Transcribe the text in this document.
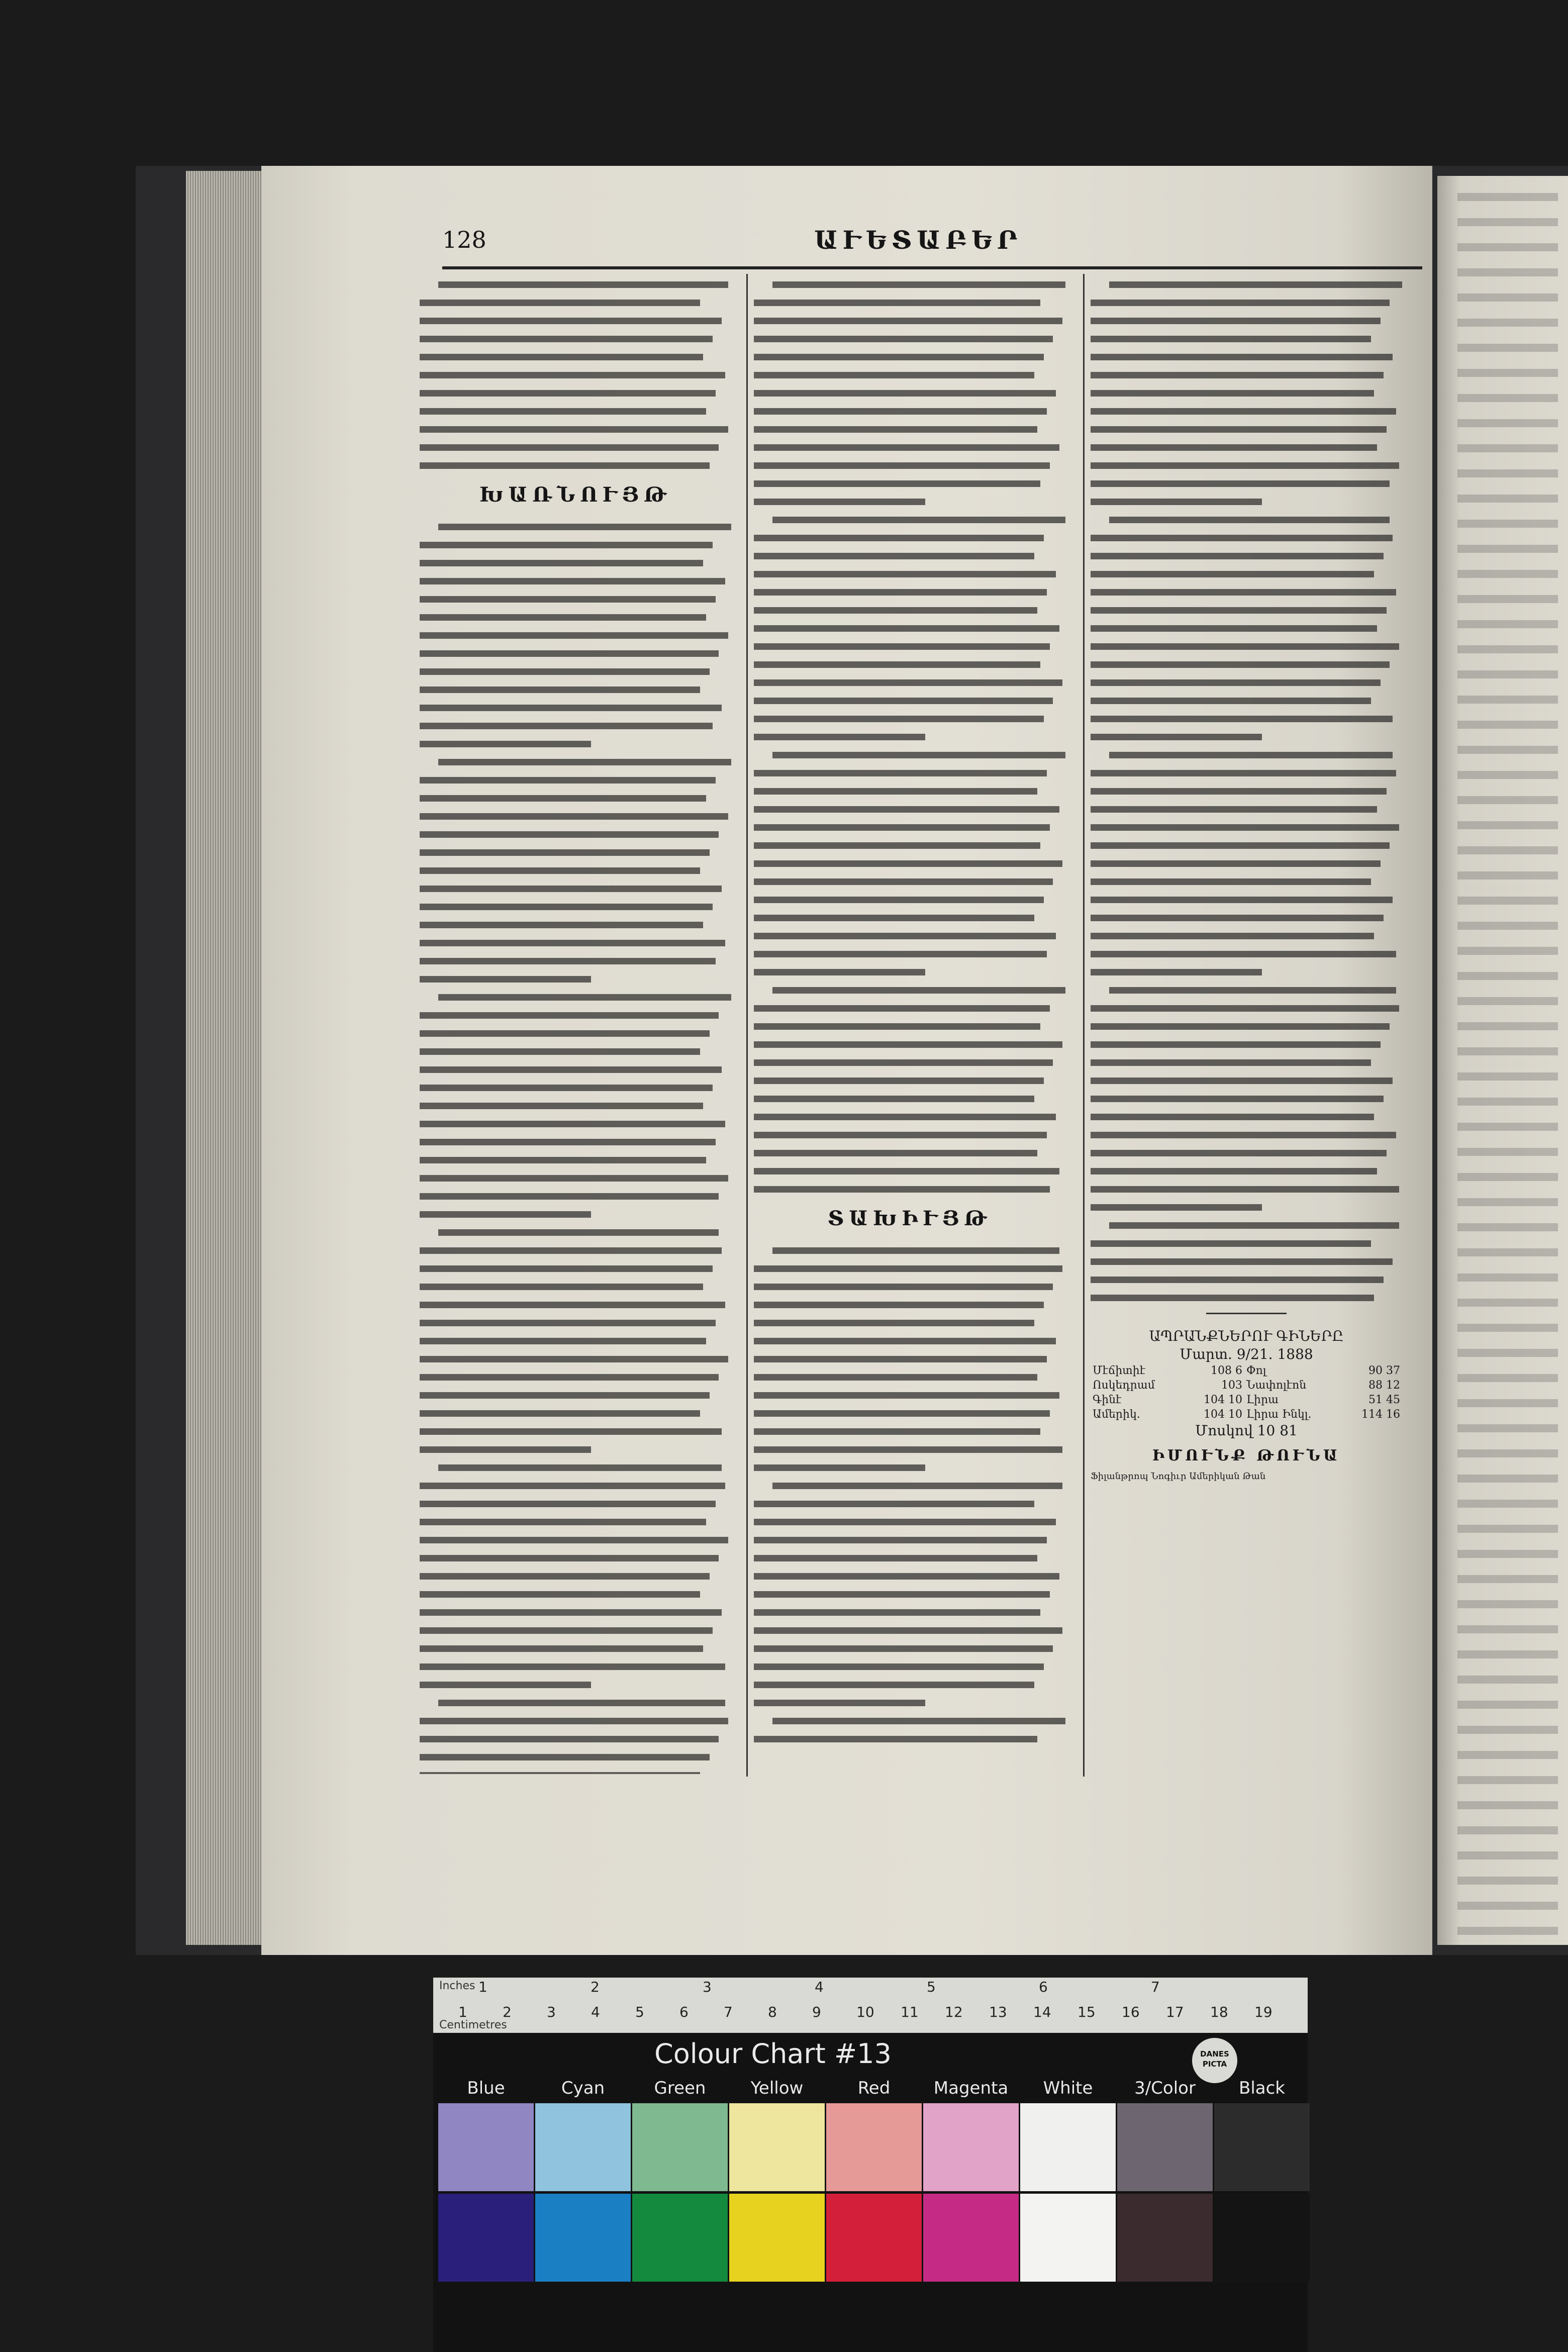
128	ԱՒԵՏԱԲԵՐ
ԽԱՌՆՈՒՅԹ
ՏԱԽԻՒՅԹ
ԱՊՐԱՆՔՆԵՐՈՒ ԳԻՆԵՐԸ
Մարտ. 9/21. 1888
Մէճիտիէ	108 6	Փոլ	90 37
Ոսկեդրամ	103	Նափոլէոն	88 12
Գինէ	104 10	Լիրա	51 45
Ամերիկ.	104 10	Լիրա Ինկլ.	114 16
Մոսկով 10 81
ԻՄՈՒՆՔ ԹՈՒՆԱ
Ֆիլանթրոպ Նոգիւր Ամերիկան Թան
Inches
Centimetres
1	2	3	4	5	6	7	8	9	10 11 12 13 14 15 16 17 18 19
1	2	3	4	5	6	7
Colour Chart #13	DANES PICTA
Blue	Cyan	Green	Yellow	Red	Magenta	White	3/Color	Black
